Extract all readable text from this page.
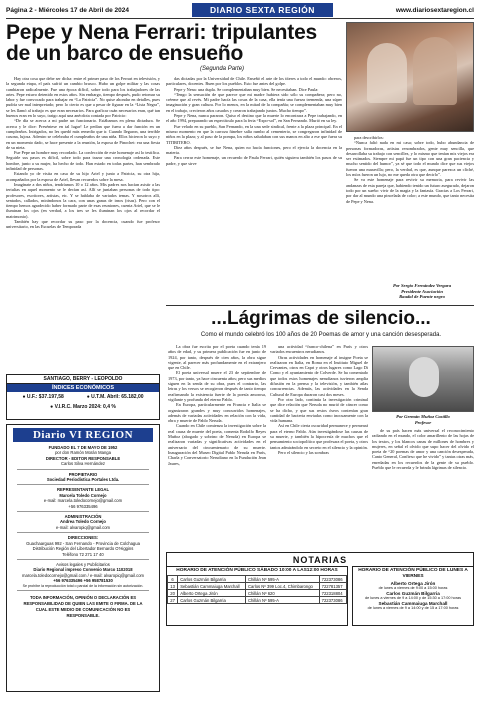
Página 2 - Miércoles 17 de Abril de 2024	DIARIO SEXTA REGIÓN	www.diariosextaregion.cl
Pepe y Nena Ferrari: tripulantes de un barco de ensueño
(Segunda Parte)

Hay otra cosa que debe ser dicha: entre el primer paso de los Ferrari en televisión, y la segunda etapa, el país sufrió un cambio brusco. Hubo un golpe militar y las cosas cambiaron radicalmente. Fue una época difícil, sobre todo para los trabajadores de las artes. Pepe estuvo detenido en estos años. Sin embargo, tiempo después, pudo retomar su labor y fue convocado para trabajar en “La Patricia”. No quise ahondar en detalles, pues pudría ser mal interpretado; pero lo cierto es que a pesar de figurar en la “Lista Negra”, se les llamó al trabajo es que eran necesarios. Para graficar cuán necesarios eran, qué tan buenos eran en lo suyo, traigo aquí una anécdota contada por Patricio:

“De día se acerca a mi padre un funcionario. Estábamos en plena dictadura. Se acerca y le dice: Preséntese en tal lugar! Le pedían que fuera a dar función en un cumpleaños. Intrigados, no les quedó más remedio que ir. Cuando llegaron, una terrible casona, lujosa. Adentro se celebraba el cumpleaños de una niña. Ellos hicieron lo suyo y en un momento dado, se hace presente a la reunión, la esposa de Pinochet: era una fiesta de su nieta.

Fue Pepe un hombre muy recordado. La confección de este homenaje así lo testifica. Seguirle sus pasos es difícil, sobre todo para trazar una cronología ordenada. Este hombre, junto a su mujer, ha hecho de todo. Han estado en todas partes, han sembrado infinidad de personas.

Estando yo de visita en casa de su hijo Ariel y junto a Patricia, su otra hija, acompañados por la esposa de Ariel, llevan recuerdos sobre la mesa.

Imagínate a dos niños, tendríamos 10 o 12 años. Mis padres nos hacían asistir a las tertulias en aquel momento se le decían así. Allí se juntaban personas de todo tipo: profesores, escritores, artistas, etc. Y se hablaba de variados temas. Y nosotros allí, sentados, callados, mirándonos la cara, con unas ganas de irnos (risas). Pero con el tiempo hemos agradecido haber formado parte de esas reuniones, cuenta Ariel, que se le iluminan los ojos (en verdad, a los tres se les iluminan los ojos al recordar el matrimonio).

También hay que recordar su paso por la docencia, cuando fue profesor universitario, en las Escuelas de Temporada

das dictadas por la Universidad de Chile. Enseñó el arte de los títeres a todo el mundo: obreros, particulares, docentes. Buen por los pueblos. Esto fue antes del golpe.

Pepe y Nena: una dupla. Se complementaban muy bien. Se necesitaban. Dice Paula:

“Tengo la sensación de que parece que mi madre hubiera sido sólo su compañera; pero no, créeme que al revés. Mi padre hacía las cosas de la casa, ella tenía una fuerza tremenda, una súper imaginación y gran cultura. Por lo menos, en la mitad de la compañía; se complementaban muy bien en el trabajo, crecieron años casados y crearon trabajando juntos. Mucho tiempo”.

Pepe y Nena, nunca pararon. Quiso el destino que la muerte lo encontrara a Pepe trabajando, en el año 1994, preparando un espectáculo para la feria “Expo-sol”, en San Fernando. Murió en su ley.

Fue velado en su pueblo, San Fernando, en la una sede sindical, frente a la plaza principal. En el mismo momento en que la carroza fúnebre salía rumbo al cementerio, se congregaron infinidad de niños en la plaza; y al paso de la pompa, los niños saludaban con sus manos en alto a ese que fuera su TITIRITERO.

Diez años después, se fue Nena, quien no hacía funciones, pero el ejercía la docencia en la materia.

Para cerrar este homenaje, un recuerdo de Paula Ferrari, quién siguiera también los pasos de su padre, y que sirve

para describirlos:

“Nunca faltó nada en mi casa; sobre todo, hubo abundancia de personas formadoras, artistas renombrados, gente muy sencilla, que desarrollaba su trabajo con sencillez, y lo mismo que tenían mis viejos era ser estimados. Siempre mi papá fue un tipo con una gran paciencia y mucho sentido del humor”, ya sé que todo el mundo dice que sus viejos fueron una maravilla; pero, la verdad, es que, aunque parezca un cliché, los míos fueron un lujo, no me queda otra que decirlo”.

Se va este homenaje para revivir su memoria, para revivir las andanzas de esta pareja que, habiendo tenido un futuro asegurado, dejaron todo por un sueño: vivir de la magia y la fantasía. Gracias a Los Ferrari, por dar al mundo una pincelada de color; a este mundo, que tanto necesita de Pepe y Nena.

Por Sergio Fernández Vergara
Presidente Asociación
Raudal de Puente negro
SANTIAGO, BERRY - LEOPOLDO
ÍNDICES ECONÓMICOS
● U.F.: $37.197,58	● U.T.M. Abril: 65.182,00
● V.I.R.C. Marzo 2024: 0,4 %
Diario VI REGION
FUNDADO EL 7 DE MAYO DE 1952
por don Ramón Morán Manga
DIRECTOR - EDITOR RESPONSABLE
Carlos Silva Hernández
PROPIETARIO
Sociedad Periodística Portales Ltda.
REPRESENTANTE LEGAL
Marcela Toledo Cornejo
e-mail: marcela.toledocornejo@gmail.com
+56 976335496
ADMINISTRACIÓN
Andrea Toledo Cornejo
e-mail: alvaropiq@gmail.com
DIRECCIONES:
Guachaarguas 992 - San Fernando - Provincia de Colchagua
Distribución Región del Libertador Bernardo O'Higgins
Teléfono 72 271 17 40
Avisos legales y Publicitarios
Diario Regional impreso Convenio Marco 1102018
marcela.toledocornejo@gmail.com / e-mail: alvaropiq@gmail.com
+56 976335496 +56 958781530
Se prohíbe la reproducción total o parcial de la información sin autorización.
TODA INFORMACIÓN, OPINIÓN O DECLARACIÓN ES RESPONSABILIDAD DE QUIEN LAS EMITE O FIRMA. DE LA CUAL ESTE MEDIO DE COMUNICACIÓN NO ES RESPONSABLE.
...Lágrimas de silencio...
Como el mundo celebró los 100 años de 20 Poemas de amor y una canción desesperada.

La obra fue escrita por el poeta cuando tenía 19 años de edad, y su primera publicación fue en junio de 1924, por tanto, después de cien años, la obra sigue vigente, al parecer más profundamente en el extranjero que en Chile.

El poeta universal muere el 23 de septiembre de 1973, por tanto, ya hace cincuenta años; pero sus medios siguen en la senda de su obra, pues el contrario, las letras y los versos se recogieron después de tanto tiempo reafirmando la existencia fuerte de la poesía amorosa, vigilante y profunda del eterno Pablo.

En Europa, particularmente en Francia e Italia se organizaron grandes y muy concurridos homenajes, además de variadas actividades en relación con la vida, obra y muerte de Pablo Neruda.

Cuando en Chile comienza la investigación sobre la real causa de muerte del poeta, comenta Rodolfo Reyes Muñoz (abogado y sobrino de Neruda) en Europa se realizaron variadas y significativas actividades en el aniversario del cincuentenario de su muerte. Inauguración del Museo Digital Pablo Neruda en París, Charla y Conversatorio Nerudiano en la Fundación Jean Jaures,

una actividad “franco-chilena” en París y otros variados encuentros nerudianos.

Otras actividades en homenaje al insigne Poeta se realizaron en Italia, en Roma en el Instituto Miguel de Cervantes, otros en Capri y otros lugares como Lago Di Como y el ayuntamiento de Colverde. Se ha comentado que todos estos homenajes nerudianos tuvieron amplia difusión en la prensa y la televisión, y también atlas concurrencias. Además, las actividades en la Senda Cultural de Europa duraron casi dos meses.

Por otro lado, continúa la investigación criminal que dice relación que Neruda no murió de cáncer como se ha dicho, y que sus restos óseos contenían gran cantidad de bacteria enviadas como inocuamente con la vida humana.

Así en Chile cierta oscuridad permanece y permeará para el eterno Pablo. Aún investigándose las causas de su muerte, y también la hipocresía de muchos que el pensamiento sociopolítico que profesara el poeta, y otros tantos admirándolo en secreto en el silencio y la opinión.

Pero el silencio y las sombras

Por Germán Muñoz Castillo
Profesor

de su país hacen más universal el reconocimiento radiando en el mundo, el color amarillento de las hojas de los textos, y los blancos canas de millones de hombres y mujeres, en señal el olvido que supo hacer del olvido el poeta de “20 poemas de amor y una canción desesperada, Canto General, Confieso que he vivido” y tantas otras más, enredadas en los recuerdos de la gente de su pueblo. Pueblo que le recuerda y le brinda lágrimas de silencio.

NOTARIAS
HORARIO DE ATENCIÓN PÚBLICO SÁBADO 10:00 A LAS12:00 HORAS
6	Carlos Guzmán Bilgarria	Chillán Nº 595-A	722373086
13	Sebastián Cammaiuga Marchall	Carlos Nº 399 Loc.4, Chimbarongo	722781357
20	Alberto Ortega Jirón	Chillán Nº 620	722318804
27	Carlos Guzmán Bilgarria	Chillán Nº 595-A	722373086
HORARIO DE ATENCIÓN PÚBLICO DE LUNES A VIERNES
Alberto Ortega Jirón
de lunes a viernes de 9:00 a 15:00 horas
Carlos Guzmán Bilgarria
de lunes a viernes de 9 a 14:00 y de 15:30 a 17:00 horas
Sebastián Cammaiuga Marchall
de lunes a viernes de 9 a 14:00 y de 15 a 17:00 horas
